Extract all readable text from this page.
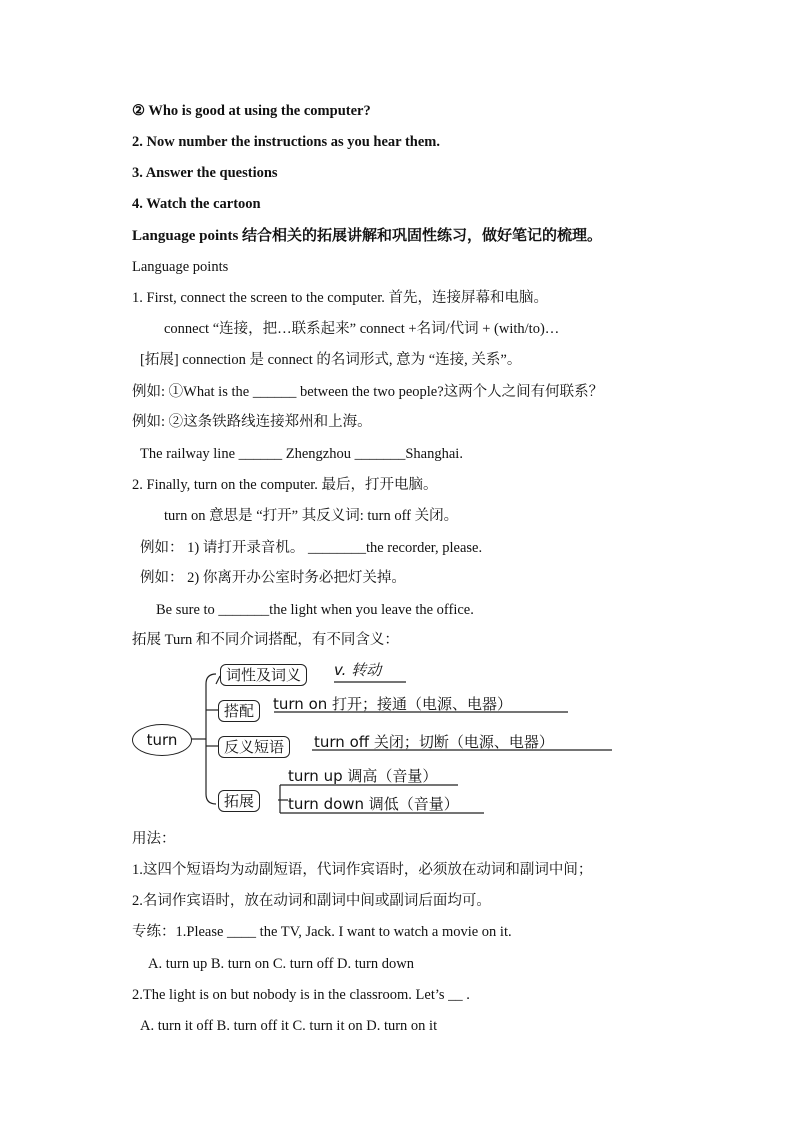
② Who is good at using the computer?
2. Now number the instructions as you hear them.
3. Answer the questions
4. Watch the cartoon
Language points 结合相关的拓展讲解和巩固性练习，做好笔记的梳理。
Language points
1. First, connect the screen to the computer. 首先，连接屏幕和电脑。
connect “连接，把…联系起来” connect +名词/代词 + (with/to)…
[拓展] connection 是 connect 的名词形式, 意为 “连接, 关系”。
例如: ①What is the ______ between the two people?这两个人之间有何联系？
例如: ②这条铁路线连接郑州和上海。
The railway line ______ Zhengzhou _______Shanghai.
2. Finally, turn on the computer. 最后，打开电脑。
turn on 意思是 “打开” 其反义词: turn off 关闭。
例如： 1) 请打开录音机。 ________the recorder, please.
例如： 2) 你离开办公室时务必把灯关掉。
Be sure to _______the light when you leave the office.
拓展 Turn 和不同介词搭配，有不同含义：
turn
词性及词义	v. 转动
搭配	turn on 打开；接通（电源、电器）
反义短语	turn off 关闭；切断（电源、电器）
拓展
turn up 调高（音量）
turn down 调低（音量）
用法：
1.这四个短语均为动副短语，代词作宾语时，必须放在动词和副词中间；
2.名词作宾语时，放在动词和副词中间或副词后面均可。
专练：1.Please ____ the TV, Jack. I want to watch a movie on it.
A. turn up B. turn on C. turn off D. turn down
2.The light is on but nobody is in the classroom. Let’s __ .
A. turn it off B. turn off it C. turn it on D. turn on it
